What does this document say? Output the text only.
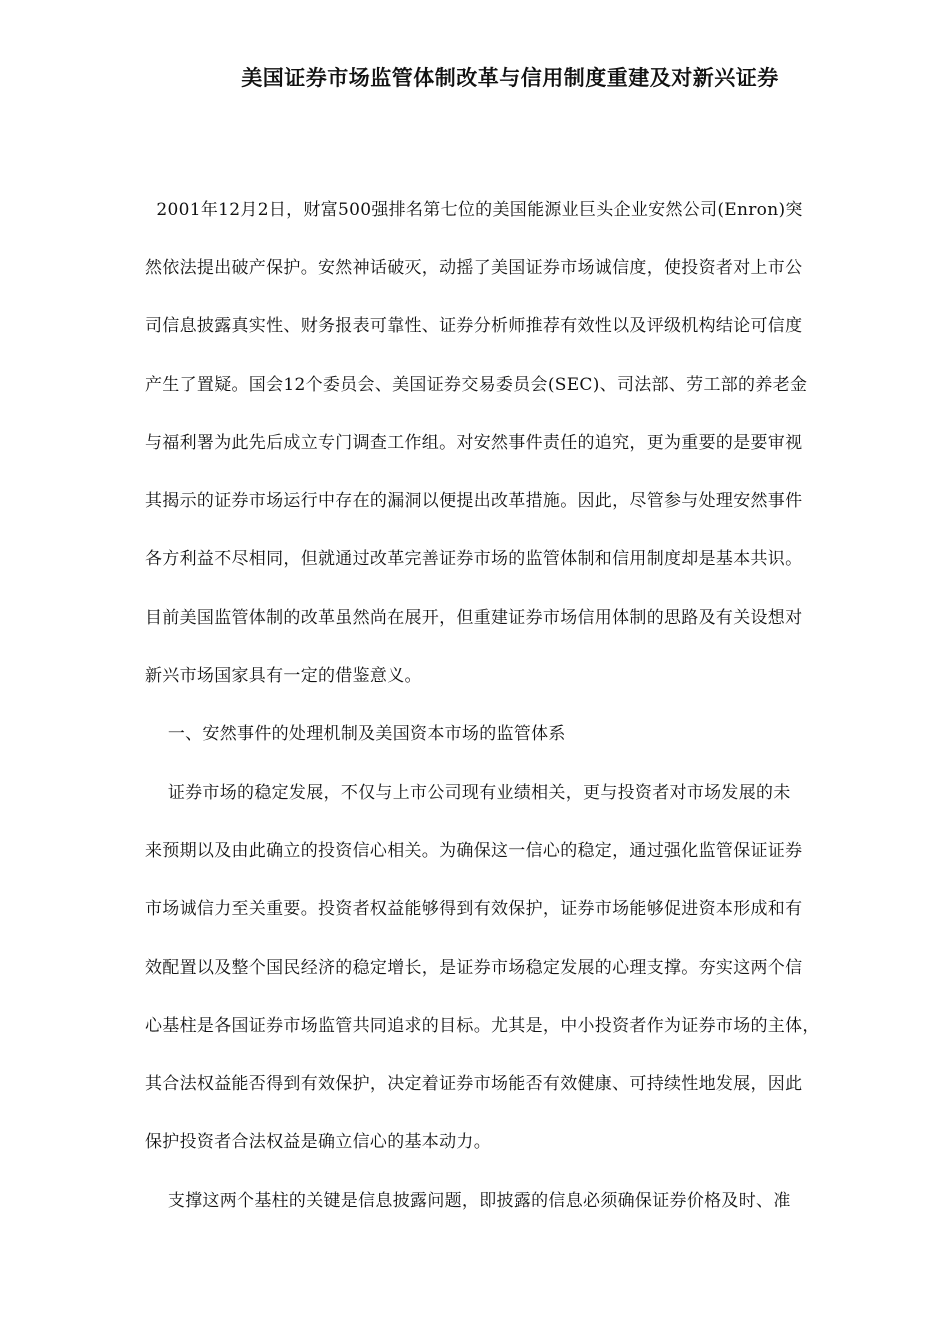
美国证券市场监管体制改革与信用制度重建及对新兴证券
2001年12月2日，财富500强排名第七位的美国能源业巨头企业安然公司(Enron)突
然依法提出破产保护。安然神话破灭，动摇了美国证券市场诚信度，使投资者对上市公
司信息披露真实性、财务报表可靠性、证券分析师推荐有效性以及评级机构结论可信度
产生了置疑。国会12个委员会、美国证券交易委员会(SEC)、司法部、劳工部的养老金
与福利署为此先后成立专门调查工作组。对安然事件责任的追究，更为重要的是要审视
其揭示的证券市场运行中存在的漏洞以便提出改革措施。因此，尽管参与处理安然事件
各方利益不尽相同，但就通过改革完善证券市场的监管体制和信用制度却是基本共识。
目前美国监管体制的改革虽然尚在展开，但重建证券市场信用体制的思路及有关设想对
新兴市场国家具有一定的借鉴意义。
一、安然事件的处理机制及美国资本市场的监管体系
证券市场的稳定发展，不仅与上市公司现有业绩相关，更与投资者对市场发展的未
来预期以及由此确立的投资信心相关。为确保这一信心的稳定，通过强化监管保证证券
市场诚信力至关重要。投资者权益能够得到有效保护，证券市场能够促进资本形成和有
效配置以及整个国民经济的稳定增长，是证券市场稳定发展的心理支撑。夯实这两个信
心基柱是各国证券市场监管共同追求的目标。尤其是，中小投资者作为证券市场的主体，
其合法权益能否得到有效保护，决定着证券市场能否有效健康、可持续性地发展，因此
保护投资者合法权益是确立信心的基本动力。
支撑这两个基柱的关键是信息披露问题，即披露的信息必须确保证券价格及时、准
